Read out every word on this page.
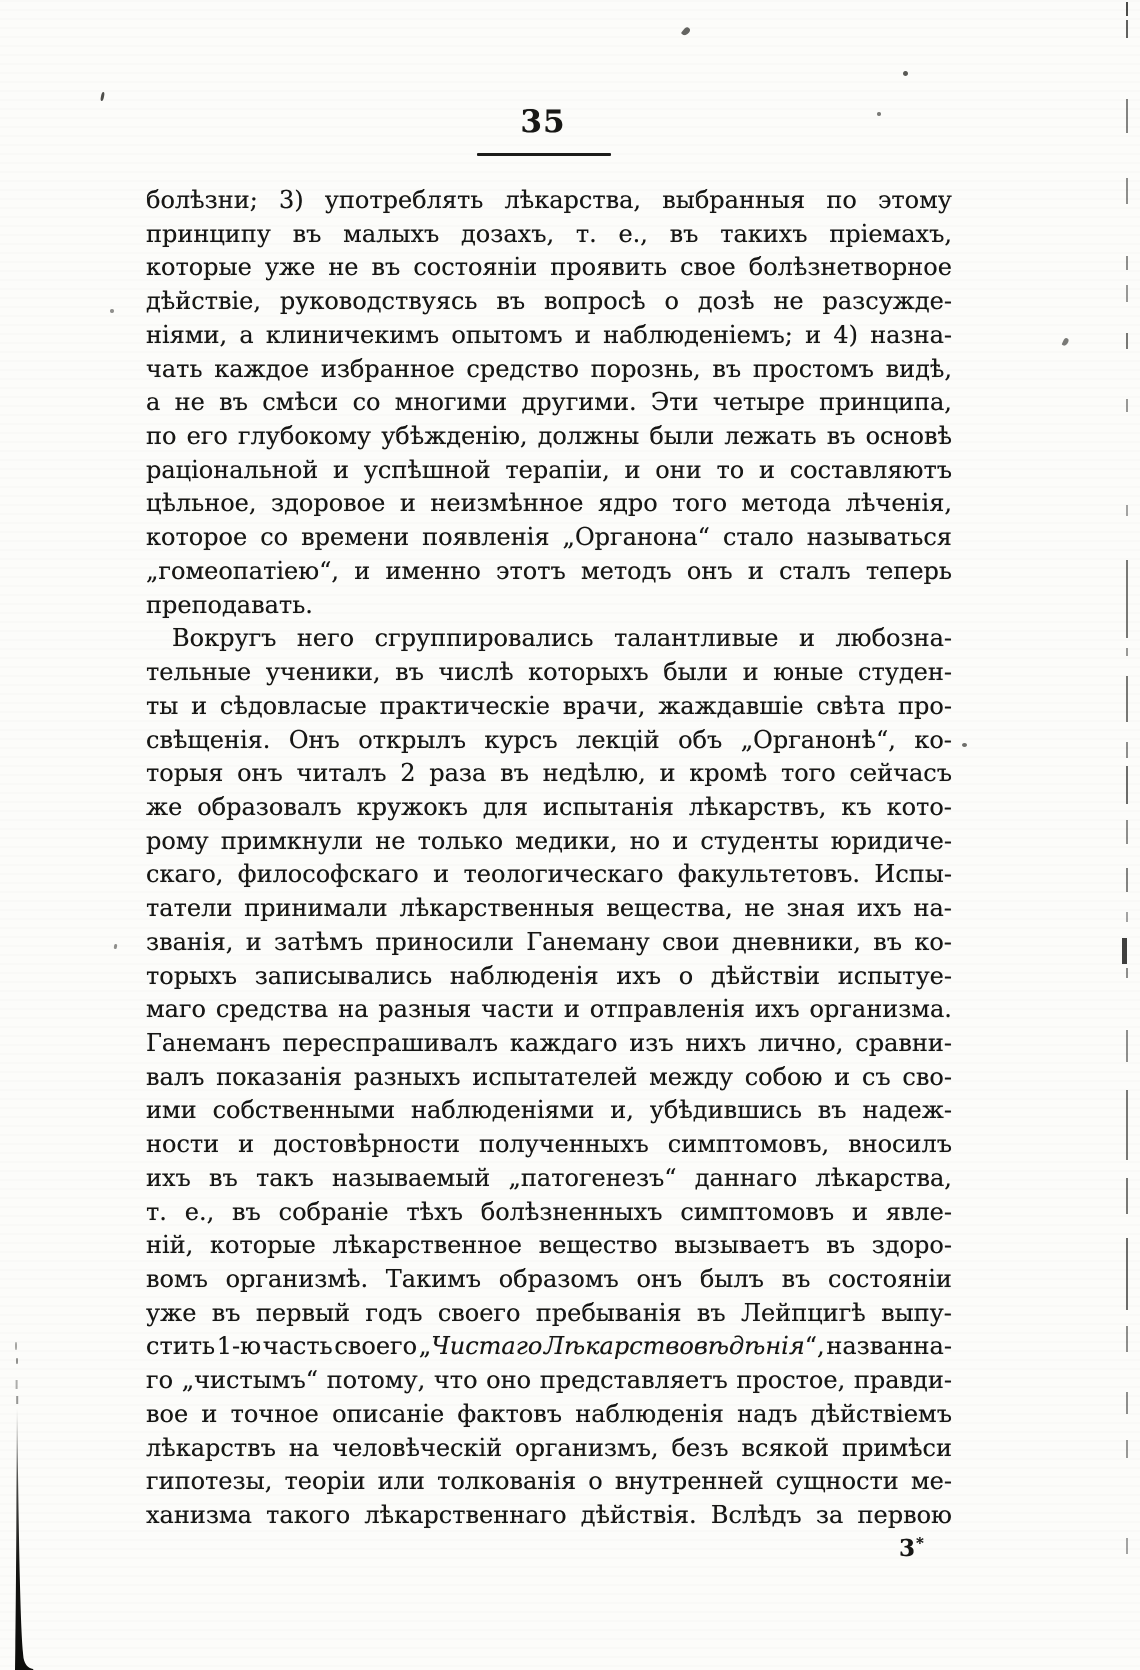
35
болѣзни; 3) употреблять лѣкарства, выбранныя по этому
принципу въ малыхъ дозахъ, т. е., въ такихъ пріемахъ,
которые уже не въ состояніи проявить свое болѣзнетворное
дѣйствіе, руководствуясь въ вопросѣ о дозѣ не разсужде-
ніями, а клиничекимъ опытомъ и наблюденіемъ; и 4) назна-
чать каждое избранное средство порознь, въ простомъ видѣ,
а не въ смѣси со многими другими. Эти четыре принципа,
по его глубокому убѣжденію, должны были лежать въ основѣ
раціональной и успѣшной терапіи, и они то и составляютъ
цѣльное, здоровое и неизмѣнное ядро того метода лѣченія,
которое со времени появленія „Органона“ стало называться
„гомеопатіею“, и именно этотъ методъ онъ и сталъ теперь
преподавать.
Вокругъ него сгруппировались талантливые и любозна-
тельные ученики, въ числѣ которыхъ были и юные студен-
ты и сѣдовласые практическіе врачи, жаждавшіе свѣта про-
свѣщенія. Онъ открылъ курсъ лекцій объ „Органонѣ“, ко-
торыя онъ читалъ 2 раза въ недѣлю, и кромѣ того сейчасъ
же образовалъ кружокъ для испытанія лѣкарствъ, къ кото-
рому примкнули не только медики, но и студенты юридиче-
скаго, философскаго и теологическаго факультетовъ. Испы-
татели принимали лѣкарственныя вещества, не зная ихъ на-
званія, и затѣмъ приносили Ганеману свои дневники, въ ко-
торыхъ записывались наблюденія ихъ о дѣйствіи испытуе-
маго средства на разныя части и отправленія ихъ организма.
Ганеманъ переспрашивалъ каждаго изъ нихъ лично, сравни-
валъ показанія разныхъ испытателей между собою и съ сво-
ими собственными наблюденіями и, убѣдившись въ надеж-
ности и достовѣрности полученныхъ симптомовъ, вносилъ
ихъ въ такъ называемый „патогенезъ“ даннаго лѣкарства,
т. е., въ собраніе тѣхъ болѣзненныхъ симптомовъ и явле-
ній, которые лѣкарственное вещество вызываетъ въ здоро-
вомъ организмѣ. Такимъ образомъ онъ былъ въ состояніи
уже въ первый годъ своего пребыванія въ Лейпцигѣ выпу-
стить 1-ю часть своего „Чистаго Лѣкарствовѣдѣнія“, названна-
го „чистымъ“ потому, что оно представляетъ простое, правди-
вое и точное описаніе фактовъ наблюденія надъ дѣйствіемъ
лѣкарствъ на человѣческій организмъ, безъ всякой примѣси
гипотезы, теоріи или толкованія о внутренней сущности ме-
ханизма такого лѣкарственнаго дѣйствія. Вслѣдъ за первою
3*
